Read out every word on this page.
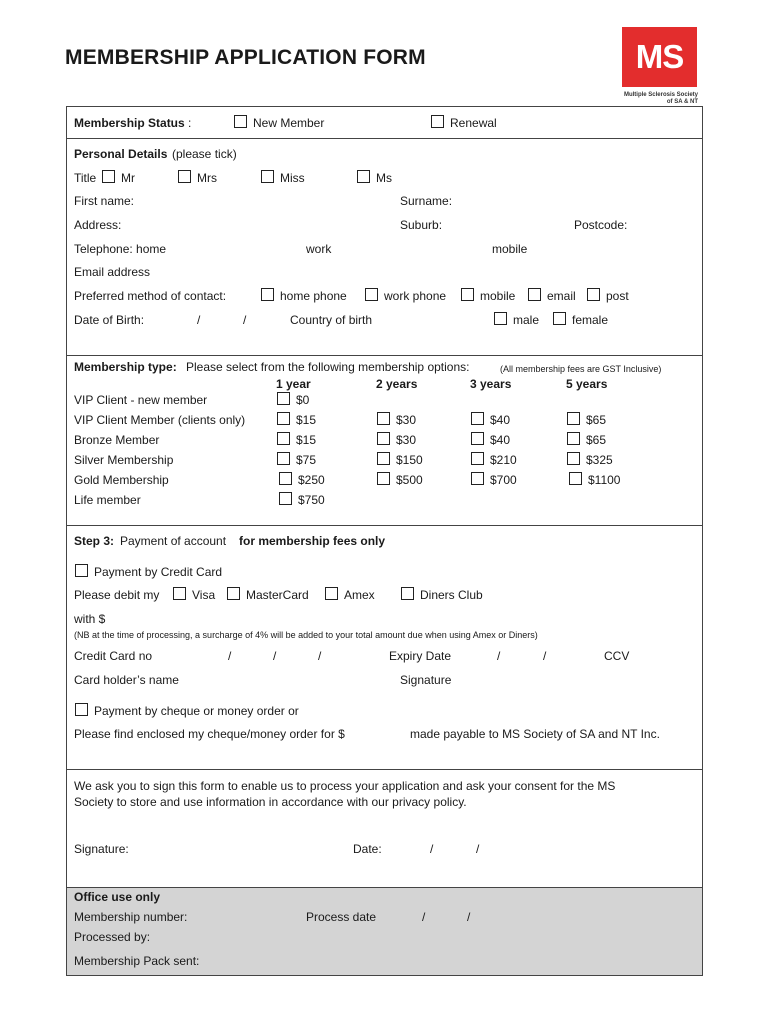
MEMBERSHIP APPLICATION FORM	MS
Multiple Sclerosis Society
of SA & NT
Membership Status :	New Member	Renewal
Personal Details (please tick)
Title Mr	Mrs	Miss	Ms
First name:	Surname:
Address:	Suburb:	Postcode:
Telephone: home	work	mobile
Email address
Preferred method of contact:	home phone	work phone	mobile	email	post
Date of Birth:	/	/	Country of birth	male	female
Membership type: Please select from the following membership options:	(All membership fees are GST Inclusive)
1 year	2 years	3 years	5 years
VIP Client - new member	$0
VIP Client Member (clients only)	$15	$30	$40	$65
Bronze Member	$15	$30	$40	$65
Silver Membership	$75	$150	$210	$325
Gold Membership	$250	$500	$700	$1100
Life member	$750
Step 3: Payment of account for membership fees only
Payment by Credit Card
Please debit my	Visa	MasterCard	Amex	Diners Club
with $
(NB at the time of processing, a surcharge of 4% will be added to your total amount due when using Amex or Diners)
Credit Card no	/	/	/	Expiry Date	/	/	CCV
Card holder’s name	Signature
Payment by cheque or money order or
Please find enclosed my cheque/money order for $	made payable to MS Society of SA and NT Inc.
We ask you to sign this form to enable us to process your application and ask your consent for the MS
Society to store and use information in accordance with our privacy policy.
Signature:	Date:	/	/
Office use only
Membership number:	Process date	/	/
Processed by:
Membership Pack sent:
